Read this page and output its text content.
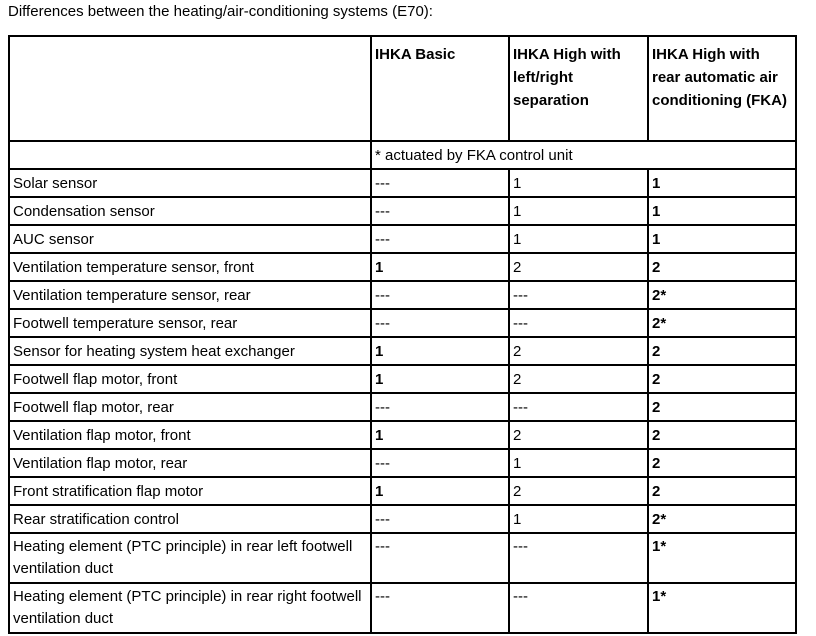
Differences between the heating/air-conditioning systems (E70):
	IHKA Basic	IHKA High with left/right separation	IHKA High with rear automatic air conditioning (FKA)
	* actuated by FKA control unit		
Solar sensor	---	1	1
Condensation sensor	---	1	1
AUC sensor	---	1	1
Ventilation temperature sensor, front	1	2	2
Ventilation temperature sensor, rear	---	---	2*
Footwell temperature sensor, rear	---	---	2*
Sensor for heating system heat exchanger	1	2	2
Footwell flap motor, front	1	2	2
Footwell flap motor, rear	---	---	2
Ventilation flap motor, front	1	2	2
Ventilation flap motor, rear	---	1	2
Front stratification flap motor	1	2	2
Rear stratification control	---	1	2*
Heating element (PTC principle) in rear left footwell ventilation duct	---	---	1*
Heating element (PTC principle) in rear right footwell ventilation duct	---	---	1*
